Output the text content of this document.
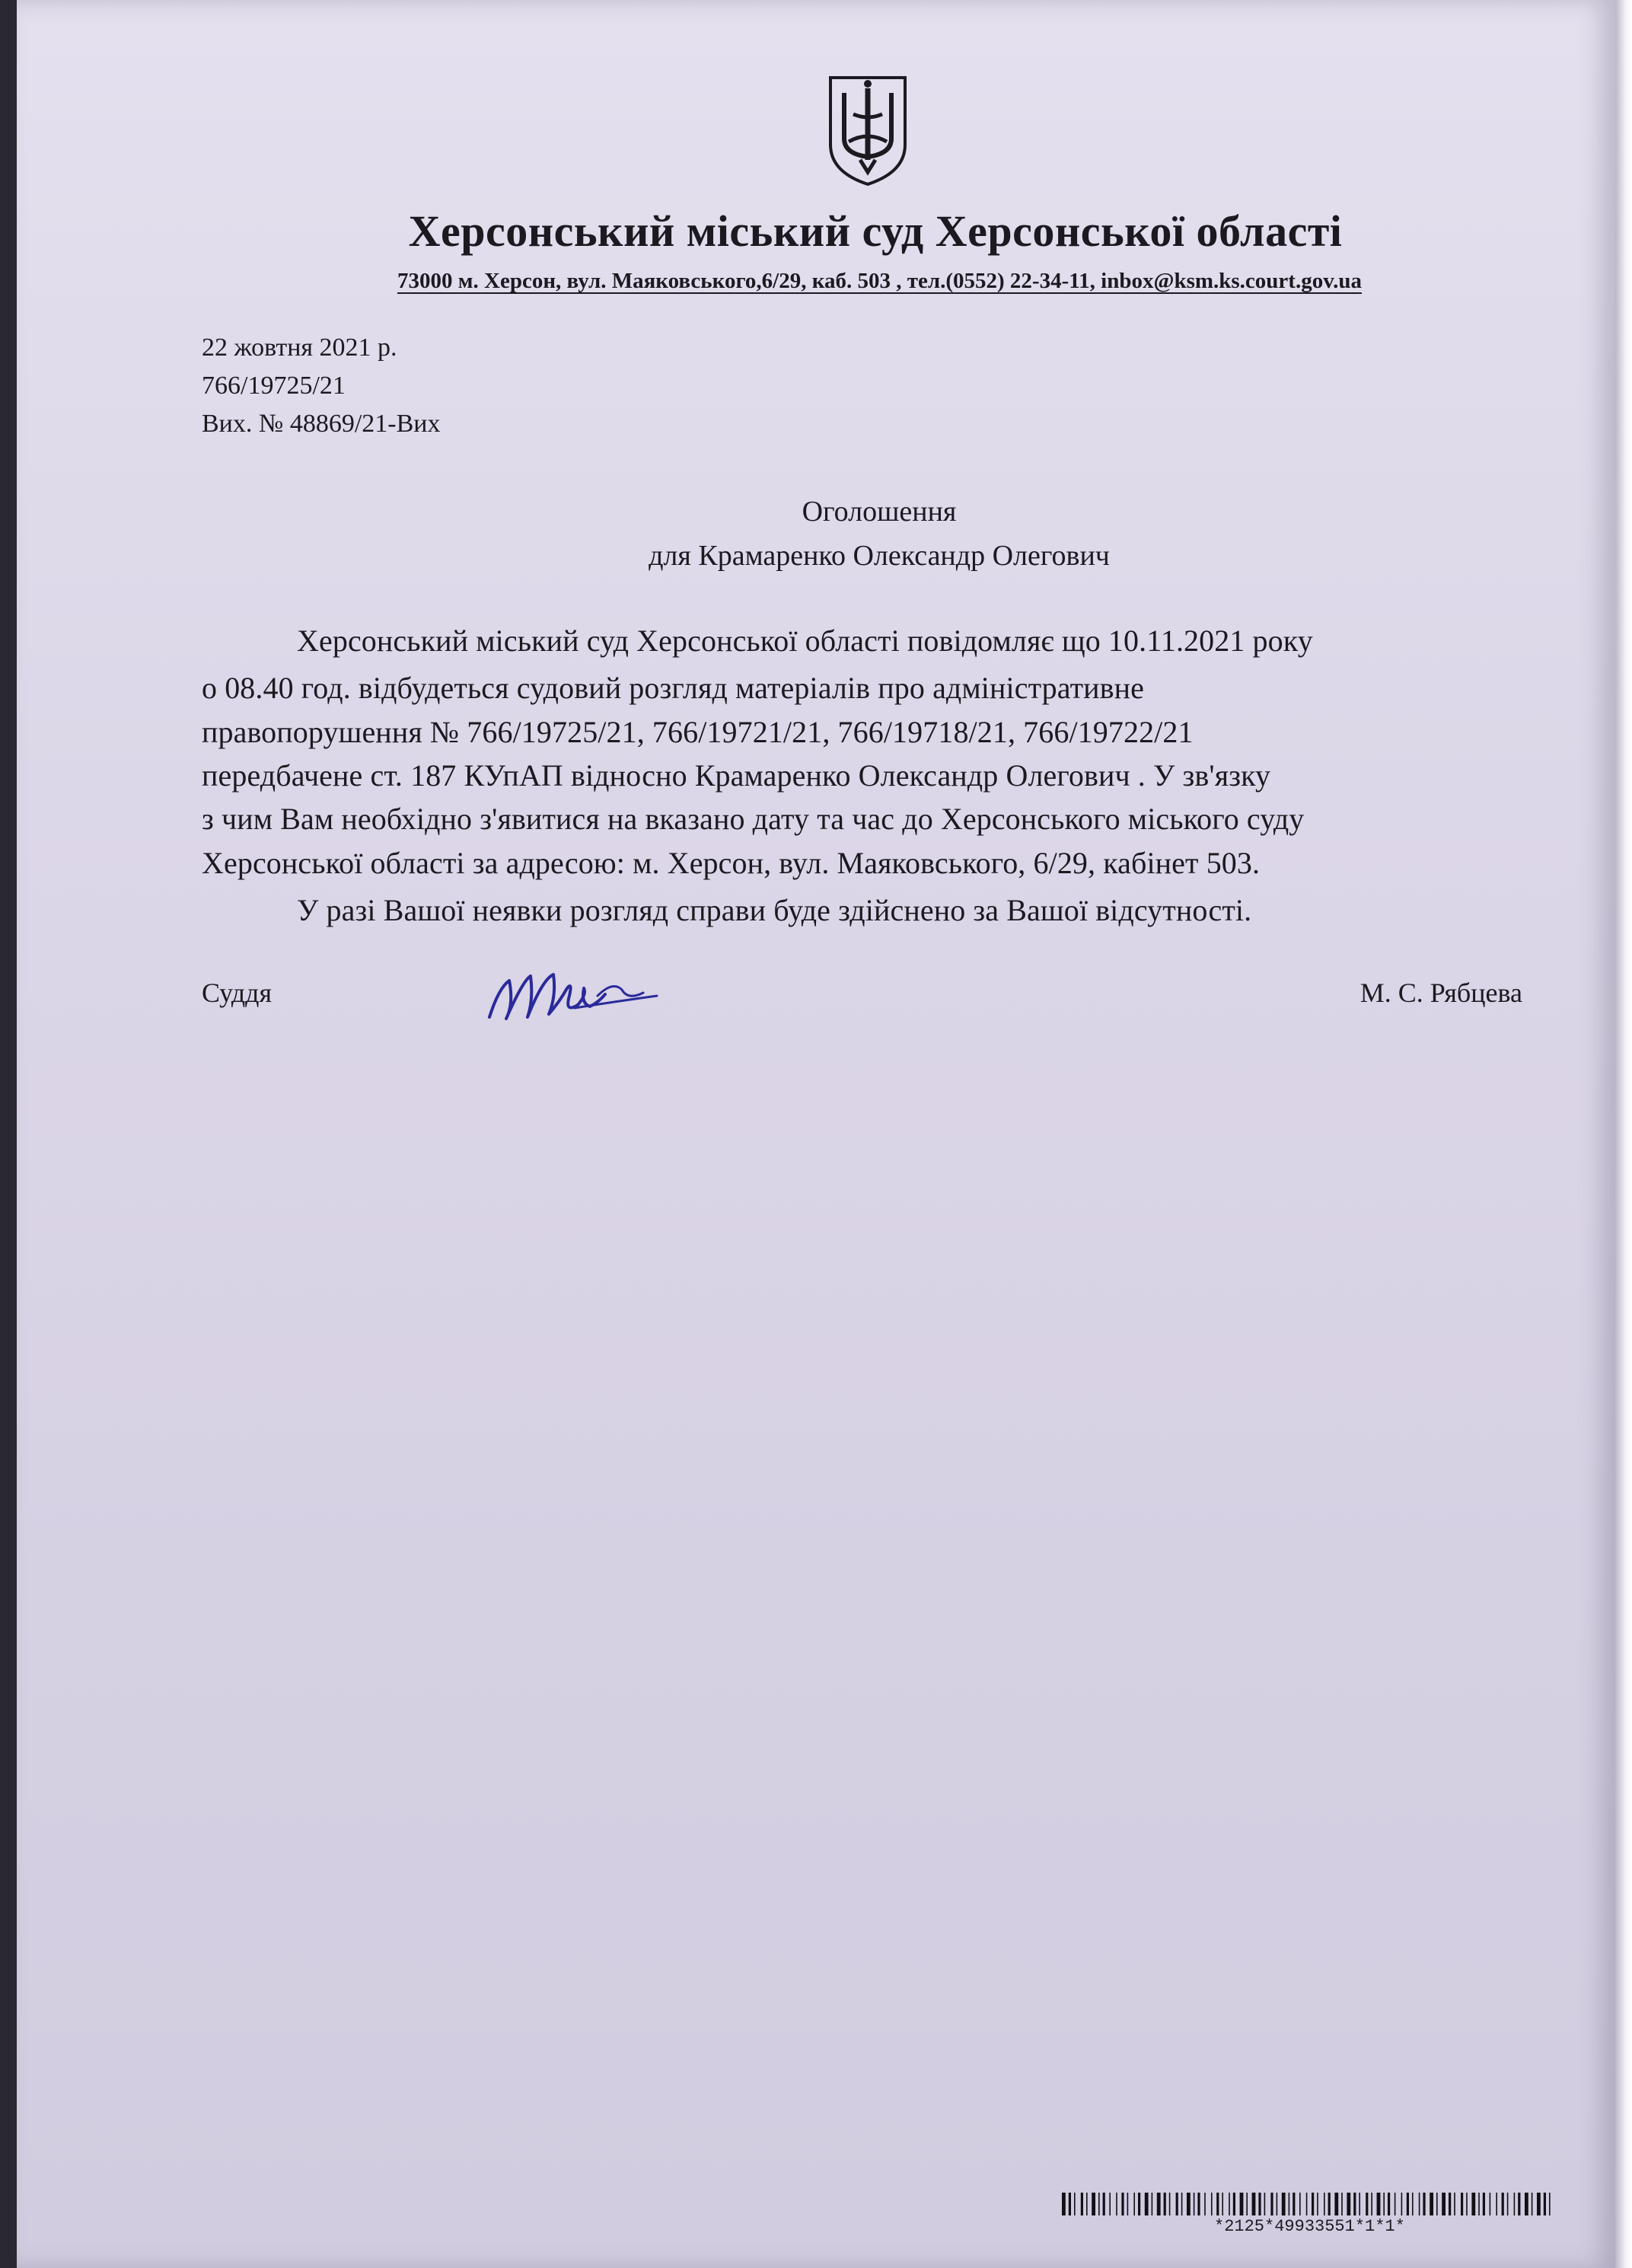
Херсонський міський суд Херсонської області
73000 м. Херсон, вул. Маяковського,6/29, каб. 503 , тел.(0552) 22-34-11, inbox@ksm.ks.court.gov.ua
22 жовтня 2021 р.
766/19725/21
Вих. № 48869/21-Вих
Оголошення
для Крамаренко Олександр Олегович
Херсонський міський суд Херсонської області повідомляє що 10.11.2021 року
о 08.40 год. відбудеться судовий розгляд матеріалів про адміністративне
правопорушення № 766/19725/21, 766/19721/21, 766/19718/21, 766/19722/21
передбачене ст. 187 КУпАП відносно Крамаренко Олександр Олегович . У зв'язку
з чим Вам необхідно з'явитися на вказано дату та час до Херсонського міського суду
Херсонської області за адресою: м. Херсон, вул. Маяковського, 6/29, кабінет 503.
У разі Вашої неявки розгляд справи буде здійснено за Вашої відсутності.
Суддя	М. С. Рябцева
*2125*49933551*1*1*
